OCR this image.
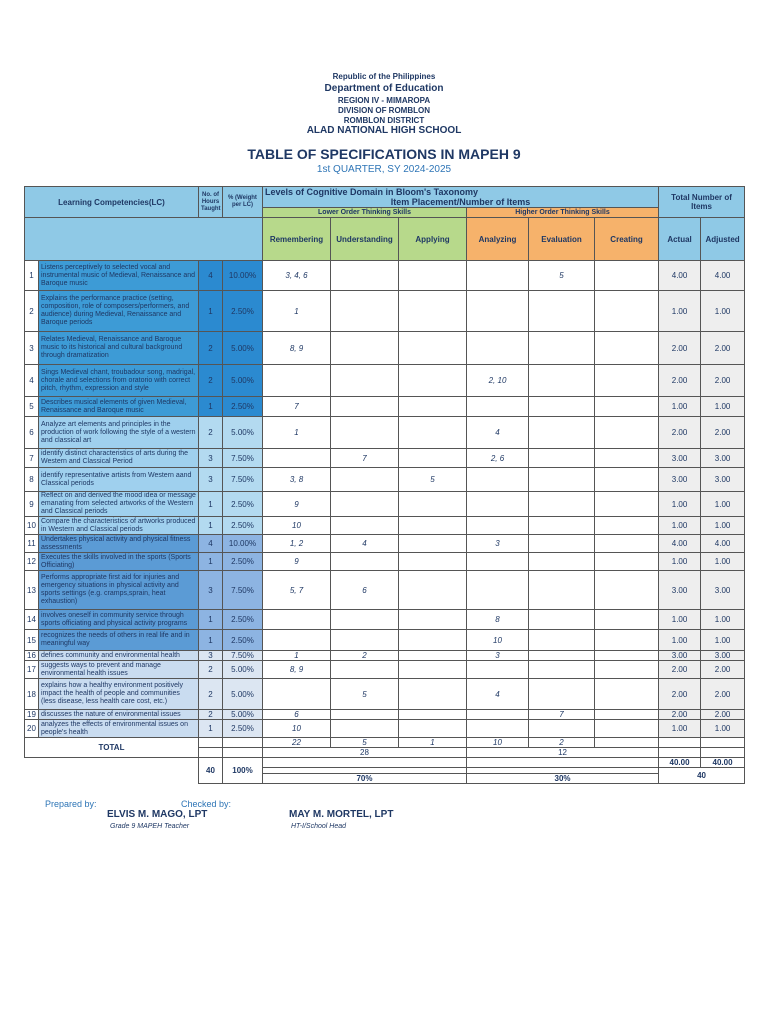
Republic of the Philippines
Department of Education
REGION IV - MIMAROPA
DIVISION OF ROMBLON
ROMBLON DISTRICT
ALAD NATIONAL HIGH SCHOOL
TABLE OF SPECIFICATIONS IN MAPEH 9
1st QUARTER, SY 2024-2025
Learning Competencies(LC)		No. of Hours Taught	% (Weight per LC)	Levels of Cognitive Domain in Bloom's Taxonomy						Total Number of Items	
				Item Placement/Number of Items							
				Lower Order Thinking Skills			Higher Order Thinking Skills				
				Remembering	Understanding	Applying	Analyzing	Evaluation	Creating	Actual	Adjusted
1	Listens perceptively to selected vocal and instrumental music of Medieval, Renaissance and Baroque music	4	10.00%	3, 4, 6				5		4.00	4.00
2	Explains the performance practice (setting, composition, role of composers/performers, and audience) during Medieval, Renaissance and Baroque periods	1	2.50%	1						1.00	1.00
3	Relates Medieval, Renaissance and Baroque music to its historical and cultural background through dramatization	2	5.00%	8, 9						2.00	2.00
4	Sings Medieval chant, troubadour song, madrigal, chorale and selections from oratorio with correct pitch, rhythm, expression and style	2	5.00%				2, 10			2.00	2.00
5	Describes musical elements of given Medieval, Renaissance and Baroque music	1	2.50%	7						1.00	1.00
6	Analyze art elements and principles in the production of work following the style of a western and classical art	2	5.00%	1			4			2.00	2.00
7	identify distinct characteristics of arts during the Western and Classical Period	3	7.50%		7		2, 6			3.00	3.00
8	identify representative artists from Western aand Classical periods	3	7.50%	3, 8		5				3.00	3.00
9	Reflect on and derived the mood idea or message emanating from selected artworks of the Western and Classical periods	1	2.50%	9						1.00	1.00
10	Compare the characteristics of artworks produced in Western and Classical periods	1	2.50%	10						1.00	1.00
11	Undertakes physical activity and physical fitness assessments	4	10.00%	1, 2	4		3			4.00	4.00
12	Executes the skills involved in the sports (Sports Officiating)	1	2.50%	9						1.00	1.00
13	Performs appropriate first aid for injuries and emergency situations in physical activity and sports settings (e.g. cramps,sprain, heat exhaustion)	3	7.50%	5, 7	6					3.00	3.00
14	involves oneself in community service through sports officiating and physical activity programs	1	2.50%				8			1.00	1.00
15	recognizes the needs of others in real life and in meaningful way	1	2.50%				10			1.00	1.00
16	defines community and environmental health	3	7.50%	1	2		3			3.00	3.00
17	suggests ways to prevent and manage environmental health issues	2	5.00%	8, 9						2.00	2.00
18	explains how a healthy environment positively impact the health of people and communities (less disease, less health care cost, etc.)	2	5.00%		5		4			2.00	2.00
19	discusses the nature of environmental issues	2	5.00%	6				7		2.00	2.00
20	analyzes the effects of environmental issues on people's health	1	2.50%	10						1.00	1.00
TOTAL				22	5	1	10	2			
				28			12				
		40	100%							40.00	40.00
										40	
				70%			30%				
Prepared by:	Checked by:
ELVIS M. MAGO, LPT
Grade 9 MAPEH Teacher
MAY M. MORTEL, LPT
HT-I/School Head
